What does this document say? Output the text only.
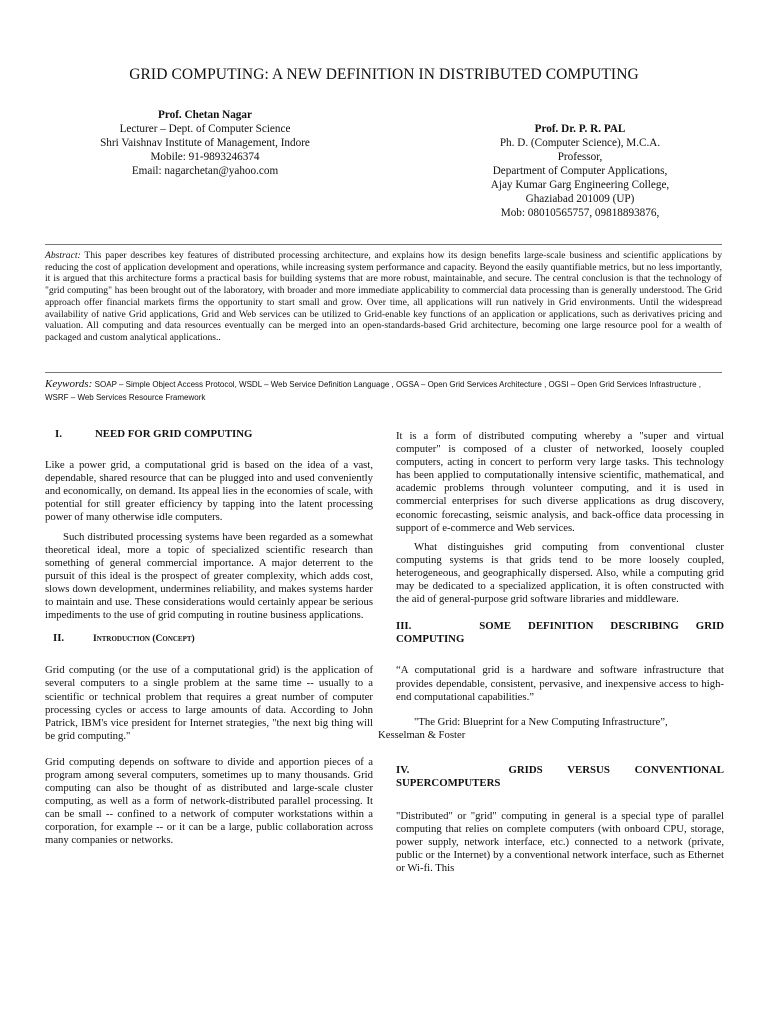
GRID COMPUTING: A NEW DEFINITION IN DISTRIBUTED COMPUTING
Prof. Chetan Nagar
Lecturer – Dept. of Computer Science
Shri Vaishnav Institute of Management, Indore
Mobile: 91-9893246374
Email: nagarchetan@yahoo.com
Prof. Dr. P. R. PAL
Ph. D. (Computer Science), M.C.A.
Professor,
Department of Computer Applications,
Ajay Kumar Garg Engineering College,
Ghaziabad 201009 (UP)
Mob: 08010565757, 09818893876,
Abstract: This paper describes key features of distributed processing architecture, and explains how its design benefits large-scale business and scientific applications by reducing the cost of application development and operations, while increasing system performance and capacity. Beyond the easily quantifiable metrics, but no less importantly, it is argued that this architecture forms a practical basis for building systems that are more robust, maintainable, and secure. The central conclusion is that the technology of "grid computing" has been brought out of the laboratory, with broader and more immediate applicability to commercial data processing than is generally understood. The Grid approach offer financial markets firms the opportunity to start small and grow. Over time, all applications will run natively in Grid environments. Until the widespread availability of native Grid applications, Grid and Web services can be utilized to Grid-enable key functions of an application or applications, such as derivatives pricing and valuation. All computing and data resources eventually can be merged into an open-standards-based Grid architecture, becoming one large resource pool for a wealth of packaged and custom analytical applications..
Keywords: SOAP – Simple Object Access Protocol, WSDL – Web Service Definition Language , OGSA – Open Grid Services Architecture , OGSI – Open Grid Services Infrastructure , WSRF – Web Services Resource Framework
I.	NEED FOR GRID COMPUTING

Like a power grid, a computational grid is based on the idea of a vast, dependable, shared resource that can be plugged into and used conveniently and economically, on demand. Its appeal lies in the economies of scale, with potential for still greater efficiency by tapping into the latent processing power of many otherwise idle computers.

Such distributed processing systems have been regarded as a somewhat theoretical ideal, more a topic of specialized scientific research than something of general commercial importance. A major deterrent to the pursuit of this ideal is the prospect of greater complexity, which adds cost, slows down development, undermines reliability, and makes systems harder to maintain and use. These considerations would certainly appear be serious impediments to the use of grid computing in routine business applications.

II.	Introduction (Concept)

Grid computing (or the use of a computational grid) is the application of several computers to a single problem at the same time -- usually to a scientific or technical problem that requires a great number of computer processing cycles or access to large amounts of data. According to John Patrick, IBM's vice president for Internet strategies, "the next big thing will be grid computing."

Grid computing depends on software to divide and apportion pieces of a program among several computers, sometimes up to many thousands. Grid computing can also be thought of as distributed and large-scale cluster computing, as well as a form of network-distributed parallel processing. It can be small -- confined to a network of computer workstations within a corporation, for example -- or it can be a large, public collaboration across many companies or networks.

It is a form of distributed computing whereby a "super and virtual computer" is composed of a cluster of networked, loosely coupled computers, acting in concert to perform very large tasks. This technology has been applied to computationally intensive scientific, mathematical, and academic problems through volunteer computing, and it is used in commercial enterprises for such diverse applications as drug discovery, economic forecasting, seismic analysis, and back-office data processing in support of e-commerce and Web services.

What distinguishes grid computing from conventional cluster computing systems is that grids tend to be more loosely coupled, heterogeneous, and geographically dispersed. Also, while a computing grid may be dedicated to a specialized application, it is often constructed with the aid of general-purpose grid software libraries and middleware.

III.	SOME DEFINITION DESCRIBING GRID
COMPUTING

“A computational grid is a hardware and software infrastructure that provides dependable, consistent, pervasive, and inexpensive access to high-end computational capabilities.”

"The Grid: Blueprint for a New Computing Infrastructure”,
Kesselman & Foster

IV.	GRIDS VERSUS CONVENTIONAL
SUPERCOMPUTERS

"Distributed" or "grid" computing in general is a special type of parallel computing that relies on complete computers (with onboard CPU, storage, power supply, network interface, etc.) connected to a network (private, public or the Internet) by a conventional network interface, such as Ethernet or Wi-fi. This
